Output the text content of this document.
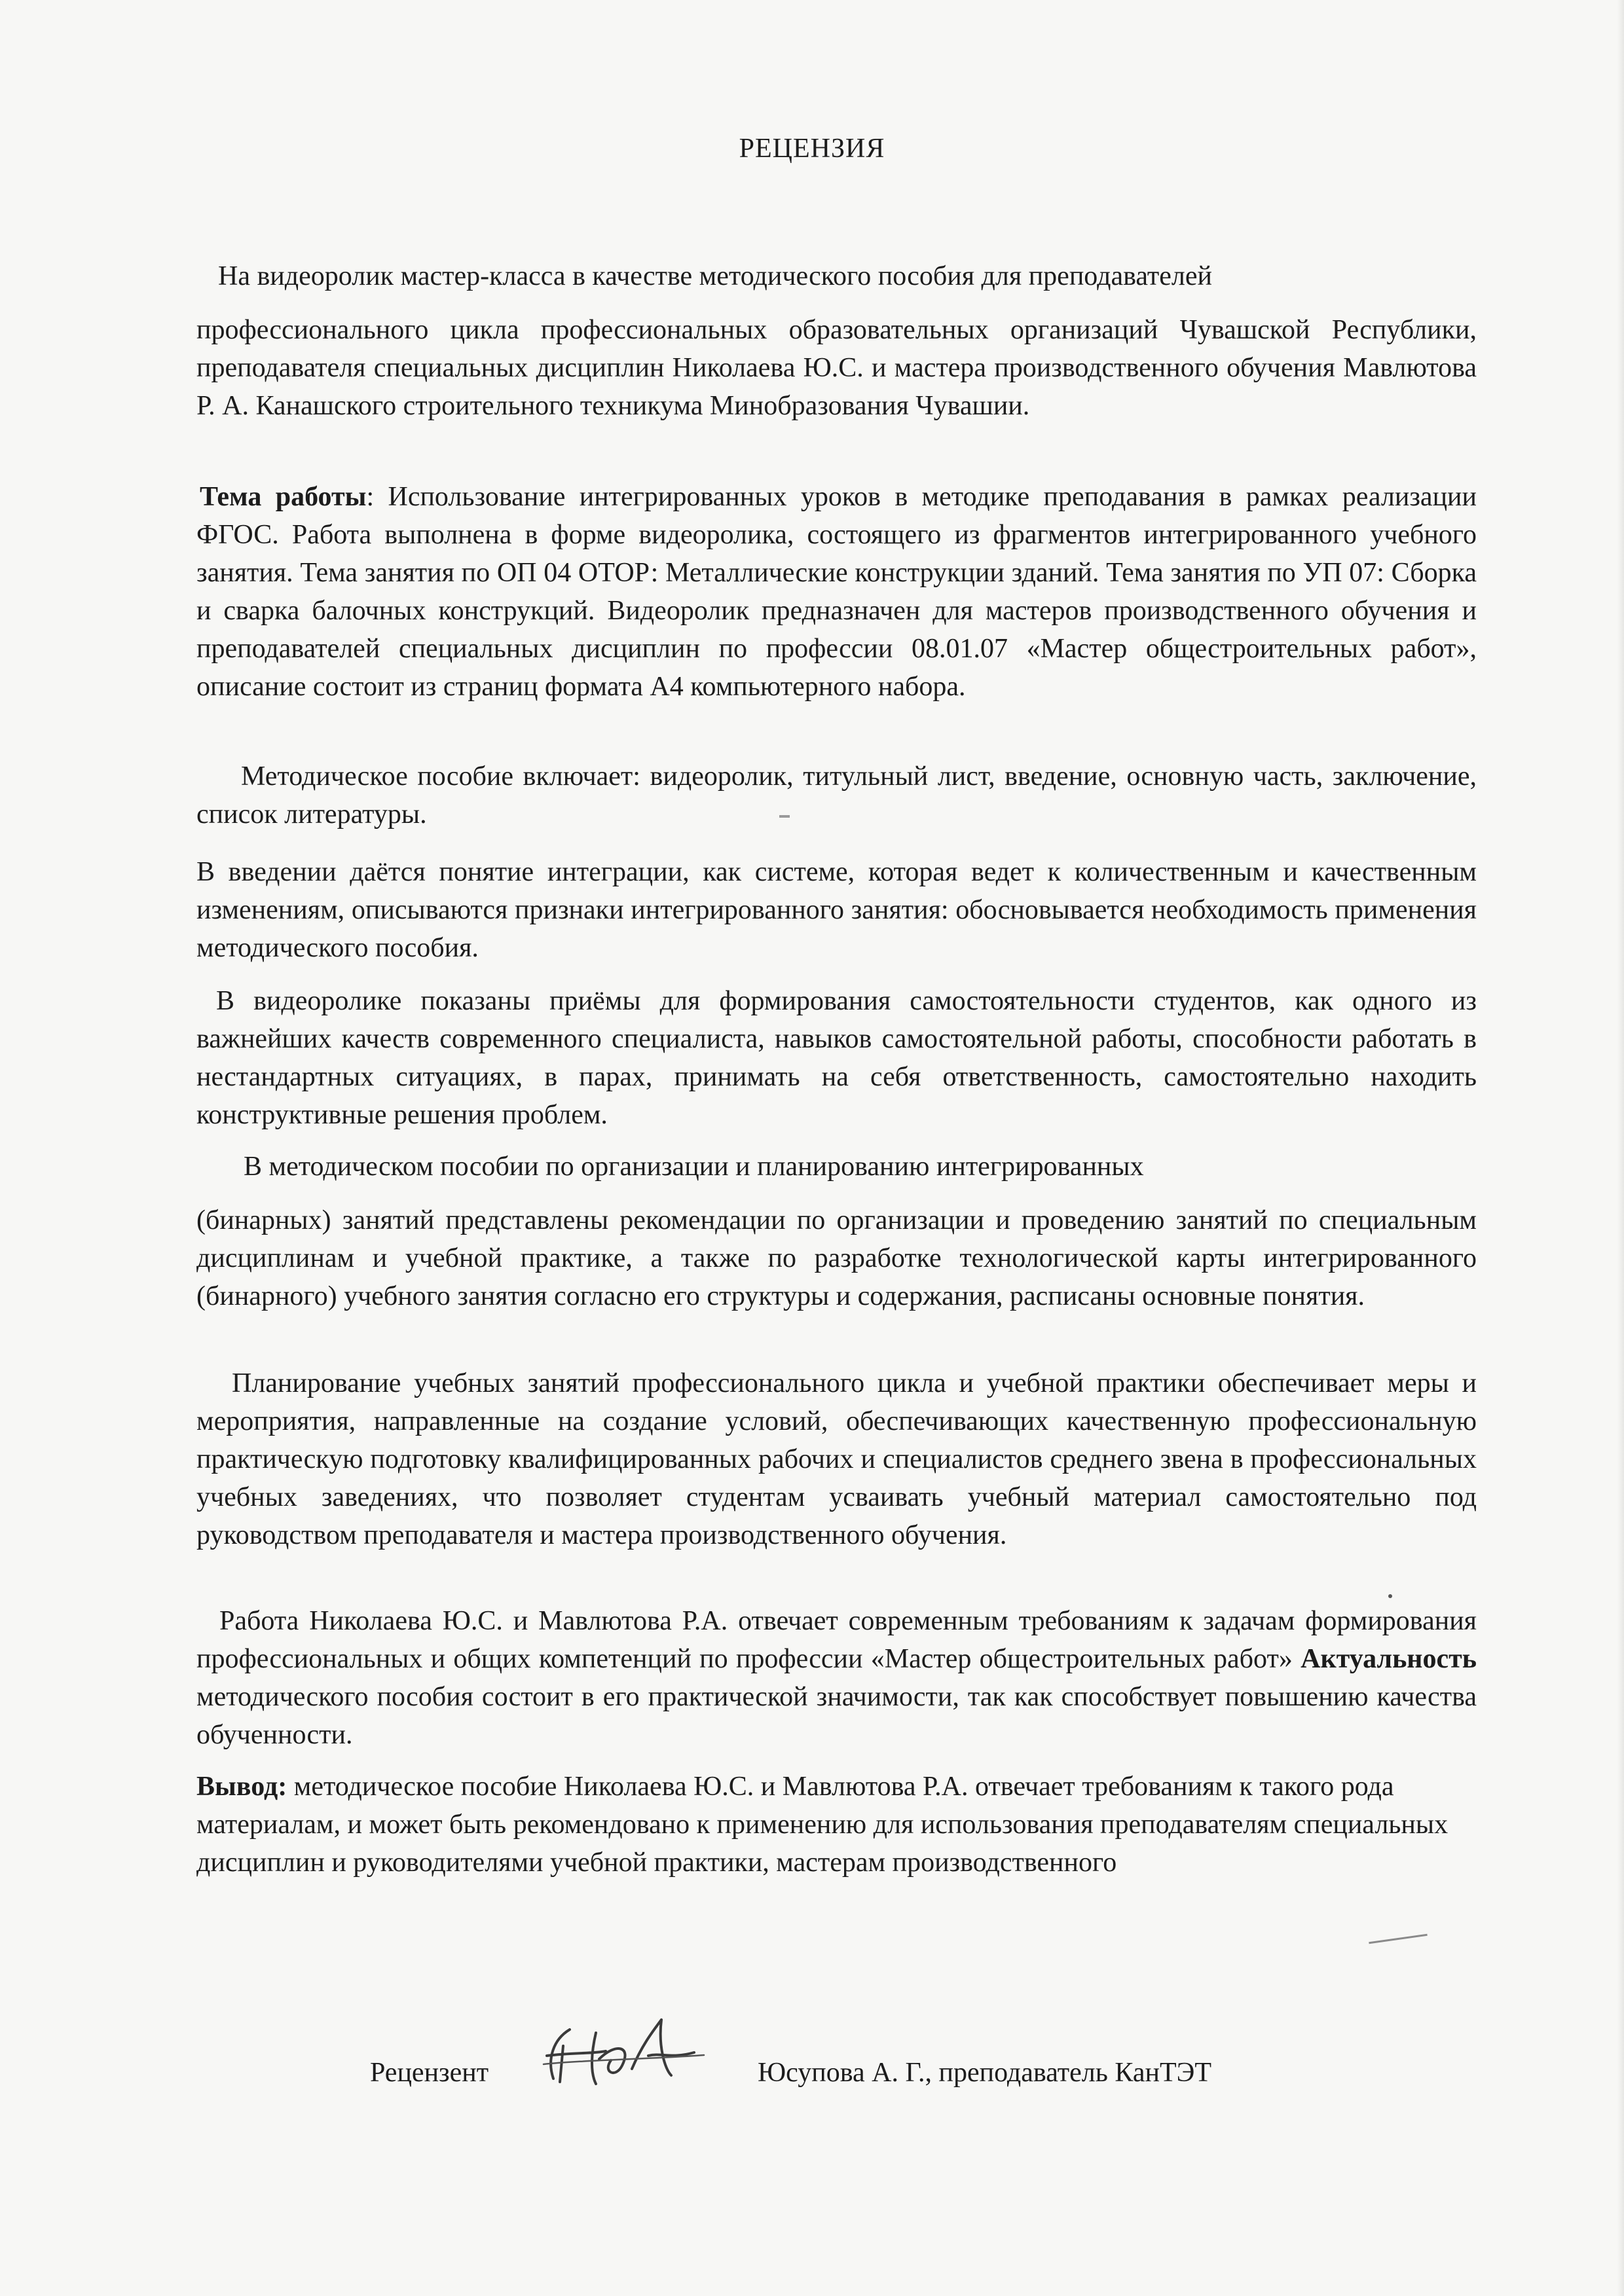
РЕЦЕНЗИЯ

На видеоролик мастер-класса в качестве методического пособия для преподавателей

профессионального цикла профессиональных образовательных организаций Чувашской Республики, преподавателя специальных дисциплин Николаева Ю.С. и мастера производственного обучения Мавлютова Р. А. Канашского строительного техникума Минобразования Чувашии.

Тема работы: Использование интегрированных уроков в методике преподавания в рамках реализации ФГОС. Работа выполнена в форме видеоролика, состоящего из фрагментов интегрированного учебного занятия. Тема занятия по ОП 04 ОТОР: Металлические конструкции зданий. Тема занятия по УП 07: Сборка и сварка балочных конструкций. Видеоролик предназначен для мастеров производственного обучения и преподавателей специальных дисциплин по профессии 08.01.07 «Мастер общестроительных работ», описание состоит из страниц формата А4 компьютерного набора.

Методическое пособие включает: видеоролик, титульный лист, введение, основную часть, заключение, список литературы.

В введении даётся понятие интеграции, как системе, которая ведет к количественным и качественным изменениям, описываются признаки интегрированного занятия: обосновывается необходимость применения методического пособия.

В видеоролике показаны приёмы для формирования самостоятельности студентов, как одного из важнейших качеств современного специалиста, навыков самостоятельной работы, способности работать в нестандартных ситуациях, в парах, принимать на себя ответственность, самостоятельно находить конструктивные решения проблем.

В методическом пособии по организации и планированию интегрированных

(бинарных) занятий представлены рекомендации по организации и проведению занятий по специальным дисциплинам и учебной практике, а также по разработке технологической карты интегрированного (бинарного) учебного занятия согласно его структуры и содержания, расписаны основные понятия.

Планирование учебных занятий профессионального цикла и учебной практики обеспечивает меры и мероприятия, направленные на создание условий, обеспечивающих качественную профессиональную практическую подготовку квалифицированных рабочих и специалистов среднего звена в профессиональных учебных заведениях, что позволяет студентам усваивать учебный материал самостоятельно под руководством преподавателя и мастера производственного обучения.

Работа Николаева Ю.С. и Мавлютова Р.А. отвечает современным требованиям к задачам формирования профессиональных и общих компетенций по профессии «Мастер общестроительных работ» Актуальность методического пособия состоит в его практической значимости, так как способствует повышению качества обученности.

Вывод: методическое пособие Николаева Ю.С. и Мавлютова Р.А. отвечает требованиям к такого рода материалам, и может быть рекомендовано к применению для использования преподавателям специальных дисциплин и руководителями учебной практики, мастерам производственного

Рецензент	Юсупова А. Г., преподаватель КанТЭТ
